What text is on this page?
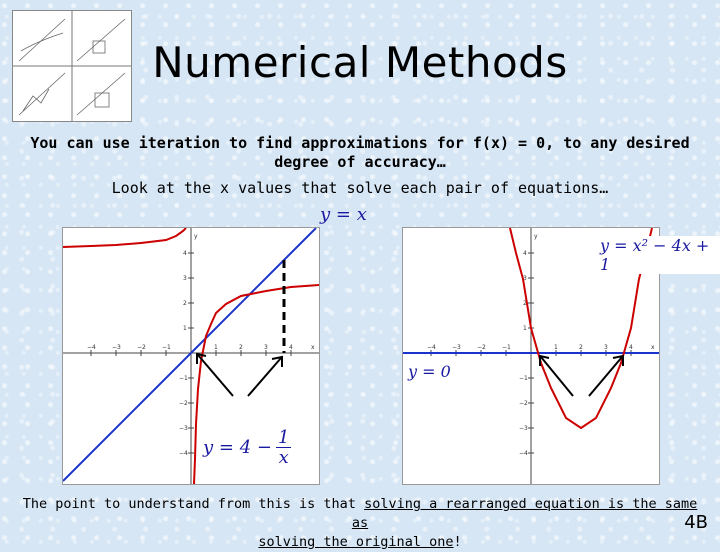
Numerical Methods
You can use iteration to find approximations for f(x) = 0, to any desired
degree of accuracy…
Look at the x values that solve each pair of equations…
−4	−3	−2	−1	1	2	3	4	x
4
3
2
1
−1
−2
−3
−4
y
y = x
$y = 4 - \frac{1}{x}$
−4	−3	−2	−1	1	2	3	4	x
4
3
2
1
−1
−2
−3
−4
y	y = x² − 4x + 1
y = 0
The point to understand from this is that solving a rearranged equation is the same as
solving the original one!
4B
